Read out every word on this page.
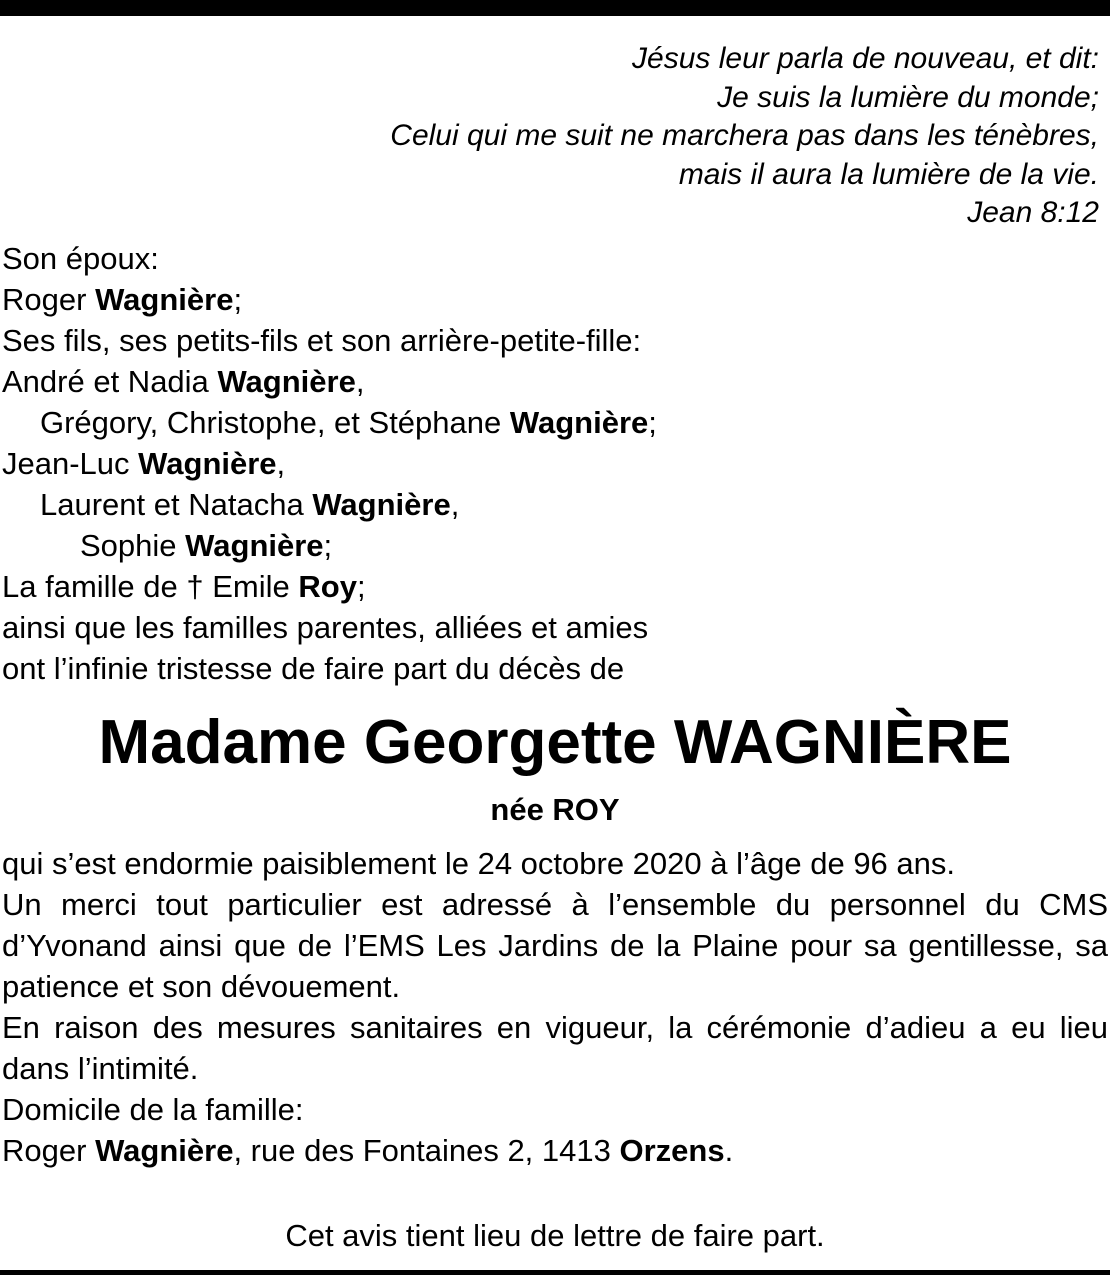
Jésus leur parla de nouveau, et dit:
Je suis la lumière du monde;
Celui qui me suit ne marchera pas dans les ténèbres,
mais il aura la lumière de la vie.
Jean 8:12
Son époux:
Roger Wagnière;
Ses fils, ses petits-fils et son arrière-petite-fille:
André et Nadia Wagnière,
Grégory, Christophe, et Stéphane Wagnière;
Jean-Luc Wagnière,
Laurent et Natacha Wagnière,
Sophie Wagnière;
La famille de † Emile Roy;
ainsi que les familles parentes, alliées et amies
ont l’infinie tristesse de faire part du décès de
Madame Georgette WAGNIÈRE
née ROY
qui s’est endormie paisiblement le 24 octobre 2020 à l’âge de 96 ans.
Un merci tout particulier est adressé à l’ensemble du personnel du CMS d’Yvonand ainsi que de l’EMS Les Jardins de la Plaine pour sa gentillesse, sa patience et son dévouement.
En raison des mesures sanitaires en vigueur, la cérémonie d’adieu a eu lieu dans l’intimité.
Domicile de la famille:
Roger Wagnière, rue des Fontaines 2, 1413 Orzens.
Cet avis tient lieu de lettre de faire part.
